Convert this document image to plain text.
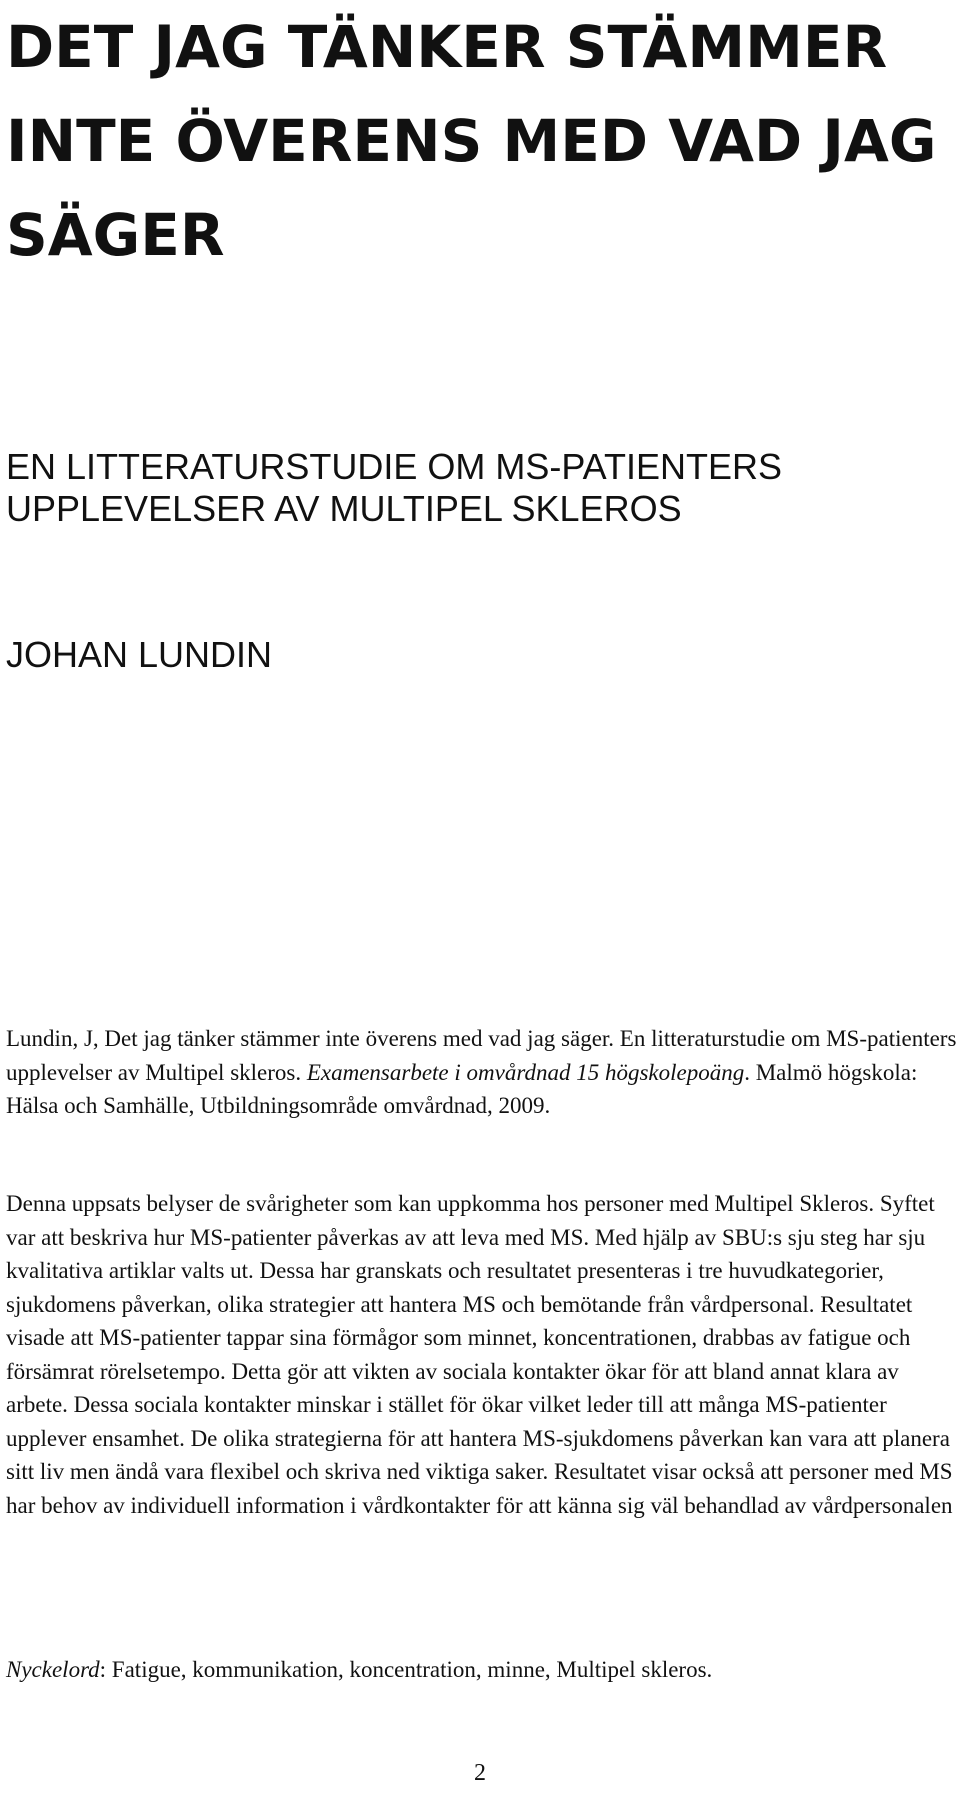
DET JAG TÄNKER STÄMMER INTE ÖVERENS MED VAD JAG SÄGER
EN LITTERATURSTUDIE OM MS-PATIENTERS UPPLEVELSER AV MULTIPEL SKLEROS
JOHAN LUNDIN

Lundin, J, Det jag tänker stämmer inte överens med vad jag säger. En litteraturstudie om MS-patienters upplevelser av Multipel skleros. Examensarbete i omvårdnad 15 högskolepoäng. Malmö högskola: Hälsa och Samhälle, Utbildningsområde omvårdnad, 2009.

Denna uppsats belyser de svårigheter som kan uppkomma hos personer med Multipel Skleros. Syftet var att beskriva hur MS-patienter påverkas av att leva med MS. Med hjälp av SBU:s sju steg har sju kvalitativa artiklar valts ut. Dessa har granskats och resultatet presenteras i tre huvudkategorier, sjukdomens påverkan, olika strategier att hantera MS och bemötande från vårdpersonal. Resultatet visade att MS-patienter tappar sina förmågor som minnet, koncentrationen, drabbas av fatigue och försämrat rörelsetempo. Detta gör att vikten av sociala kontakter ökar för att bland annat klara av arbete. Dessa sociala kontakter minskar i stället för ökar vilket leder till att många MS-patienter upplever ensamhet. De olika strategierna för att hantera MS-sjukdomens påverkan kan vara att planera sitt liv men ändå vara flexibel och skriva ned viktiga saker. Resultatet visar också att personer med MS har behov av individuell information i vårdkontakter för att känna sig väl behandlad av vårdpersonalen

Nyckelord: Fatigue, kommunikation, koncentration, minne, Multipel skleros.

2
